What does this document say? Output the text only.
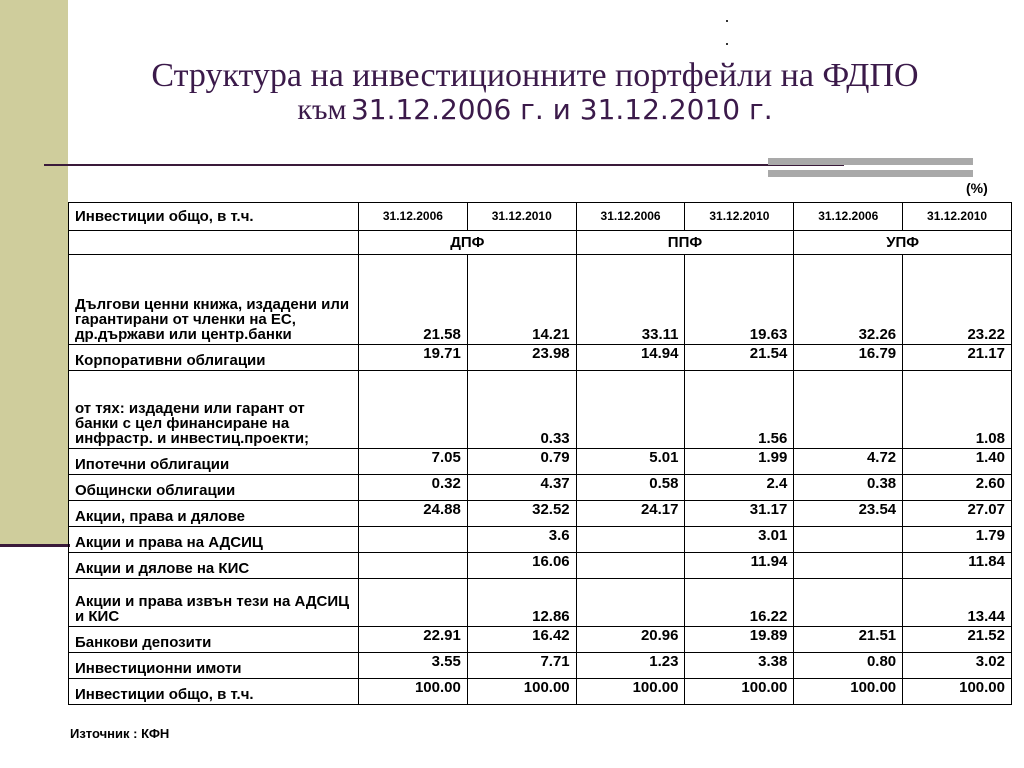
Структура на инвестиционните портфейли на ФДПО
към 31.12.2006 г. и 31.12.2010 г.
(%)
Инвестиции общо, в т.ч.	31.12.2006	31.12.2010	31.12.2006	31.12.2010	31.12.2006	31.12.2010
	ДПФ		ППФ		УПФ	
Дългови ценни книжа, издадени или гарантирани от членки на ЕС, др.държави или центр.банки	21.58	14.21	33.11	19.63	32.26	23.22
Корпоративни облигации	19.71	23.98	14.94	21.54	16.79	21.17
от тях: издадени или гарант от банки с цел финансиране на инфрастр. и инвестиц.проекти;		0.33		1.56		1.08
Ипотечни облигации	7.05	0.79	5.01	1.99	4.72	1.40
Общински облигации	0.32	4.37	0.58	2.4	0.38	2.60
Акции, права и дялове	24.88	32.52	24.17	31.17	23.54	27.07
Акции и права на АДСИЦ		3.6		3.01		1.79
Акции и дялове на КИС		16.06		11.94		11.84
Акции и права извън тези на АДСИЦ и КИС		12.86		16.22		13.44
Банкови депозити	22.91	16.42	20.96	19.89	21.51	21.52
Инвестиционни имоти	3.55	7.71	1.23	3.38	0.80	3.02
Инвестиции общо, в т.ч.	100.00	100.00	100.00	100.00	100.00	100.00
Източник : КФН
